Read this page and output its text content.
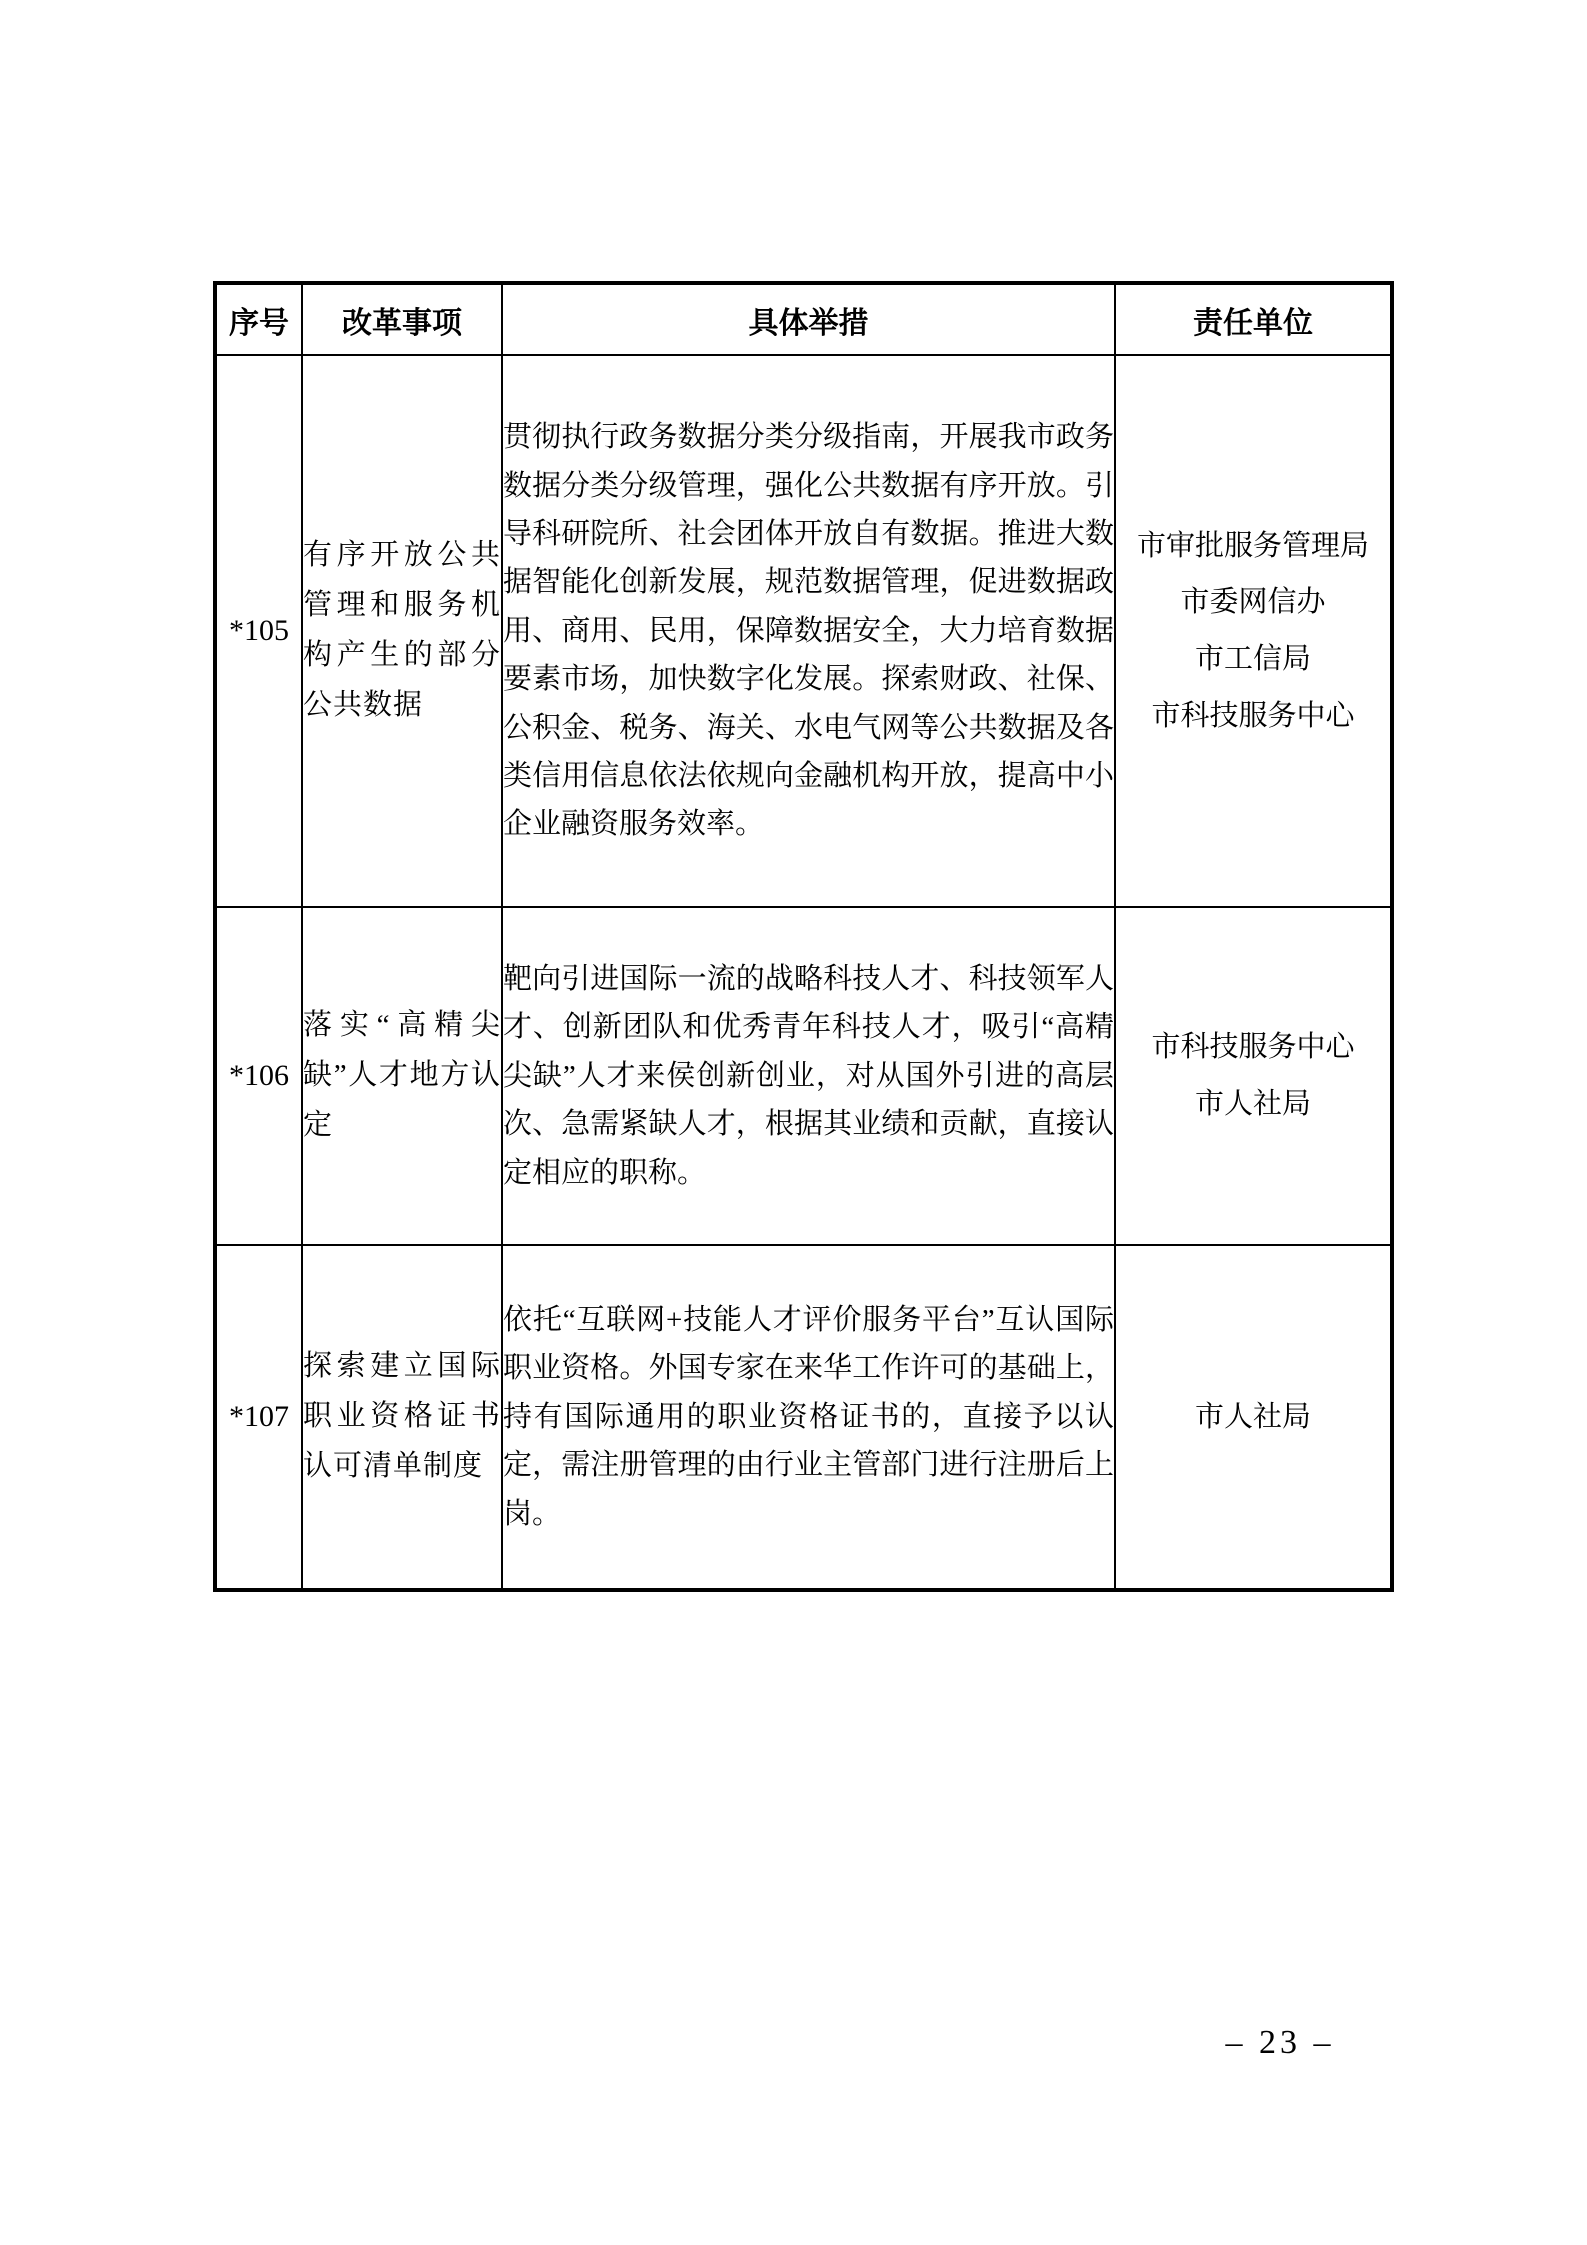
序号	改革事项	具体举措	责任单位
*105	有序开放公共管理和服务机构产生的部分公共数据	贯彻执行政务数据分类分级指南，开展我市政务数据分类分级管理，强化公共数据有序开放。引导科研院所、社会团体开放自有数据。推进大数据智能化创新发展，规范数据管理，促进数据政用、商用、民用，保障数据安全，大力培育数据要素市场，加快数字化发展。探索财政、社保、公积金、税务、海关、水电气网等公共数据及各类信用信息依法依规向金融机构开放，提高中小企业融资服务效率。	市审批服务管理局
市委网信办
市工信局
市科技服务中心

*106	落实“高精尖缺”人才地方认定	靶向引进国际一流的战略科技人才、科技领军人才、创新团队和优秀青年科技人才，吸引“高精尖缺”人才来侯创新创业，对从国外引进的高层次、急需紧缺人才，根据其业绩和贡献，直接认定相应的职称。	市科技服务中心
市人社局

*107	探索建立国际职业资格证书认可清单制度	依托“互联网+技能人才评价服务平台”互认国际职业资格。外国专家在来华工作许可的基础上，持有国际通用的职业资格证书的，直接予以认定，需注册管理的由行业主管部门进行注册后上岗。	市人社局
– 23 –
